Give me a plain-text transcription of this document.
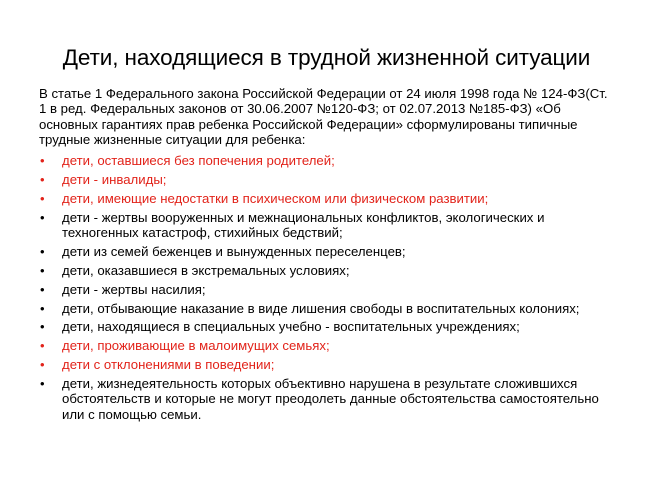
Дети, находящиеся в трудной жизненной ситуации
В статье 1 Федерального закона Российской Федерации от 24 июля 1998 года № 124-ФЗ(Ст. 1 в ред. Федеральных законов от 30.06.2007 №120-ФЗ; от 02.07.2013 №185-ФЗ) «Об основных гарантиях прав ребенка Российской Федерации» сформулированы типичные трудные жизненные ситуации для ребенка:
• дети, оставшиеся без попечения родителей;
• дети - инвалиды;
• дети, имеющие недостатки в психическом или физическом развитии;
• дети - жертвы вооруженных и межнациональных конфликтов, экологических и техногенных катастроф, стихийных бедствий;
• дети из семей беженцев и вынужденных переселенцев;
• дети, оказавшиеся в экстремальных условиях;
• дети - жертвы насилия;
• дети, отбывающие наказание в виде лишения свободы в воспитательных колониях;
• дети, находящиеся в специальных учебно - воспитательных учреждениях;
• дети, проживающие в малоимущих семьях;
• дети с отклонениями в поведении;
• дети, жизнедеятельность которых объективно нарушена в результате сложившихся обстоятельств и которые не могут преодолеть данные обстоятельства самостоятельно или с помощью семьи.
